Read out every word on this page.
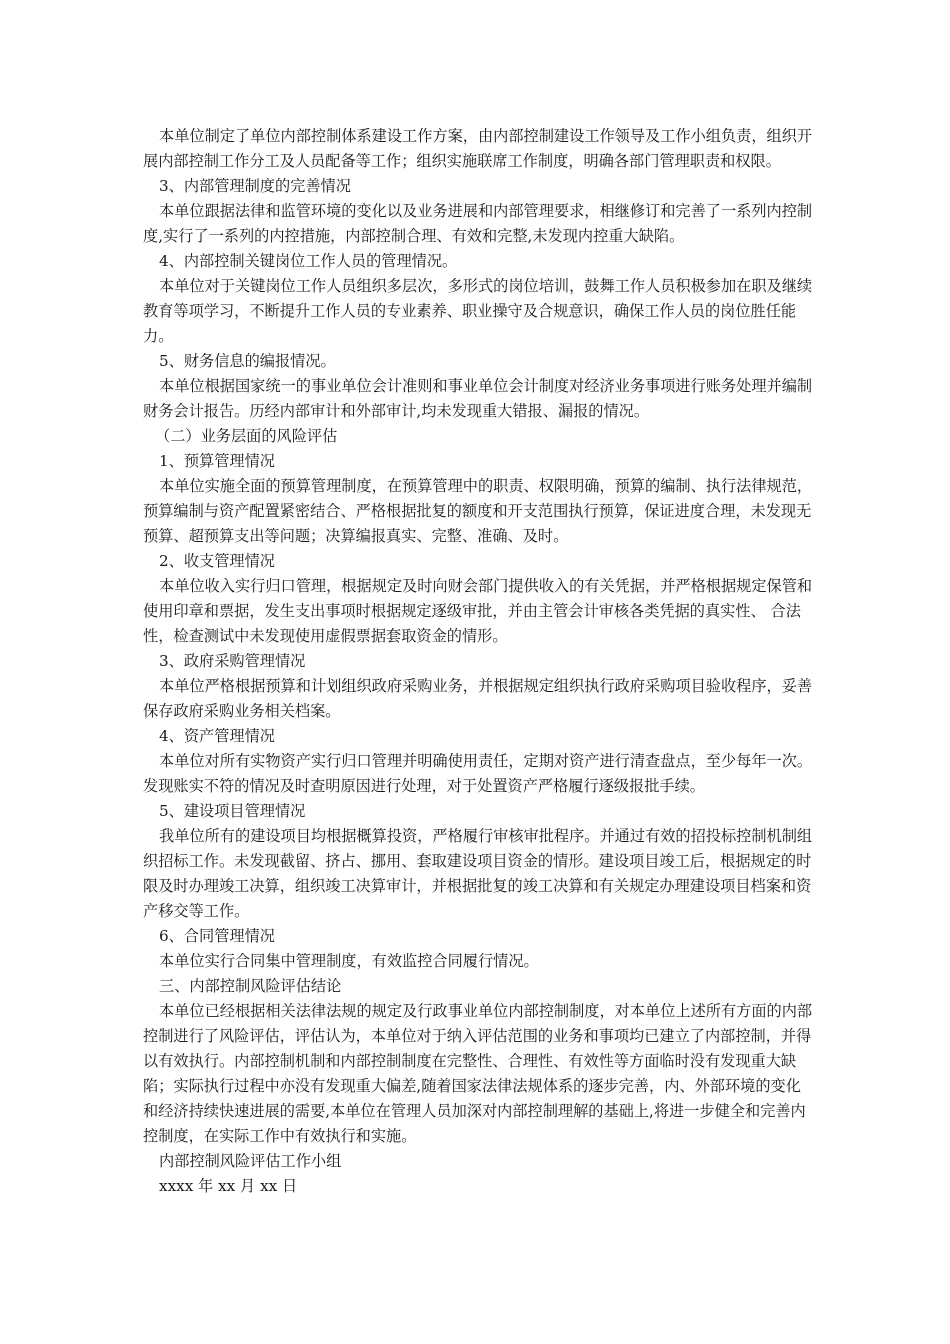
本单位制定了单位内部控制体系建设工作方案，由内部控制建设工作领导及工作小组负责，组织开展内部控制工作分工及人员配备等工作；组织实施联席工作制度，明确各部门管理职责和权限。

3、内部管理制度的完善情况

本单位跟据法律和监管环境的变化以及业务进展和内部管理要求，相继修订和完善了一系列内控制度,实行了一系列的内控措施，内部控制合理、有效和完整,未发现内控重大缺陷。

4、内部控制关键岗位工作人员的管理情况。

本单位对于关键岗位工作人员组织多层次，多形式的岗位培训，鼓舞工作人员积极参加在职及继续教育等项学习，不断提升工作人员的专业素养、职业操守及合规意识，确保工作人员的岗位胜任能力。

5、财务信息的编报情况。

本单位根据国家统一的事业单位会计准则和事业单位会计制度对经济业务事项进行账务处理并编制财务会计报告。历经内部审计和外部审计,均未发现重大错报、漏报的情况。

（二）业务层面的风险评估

1、预算管理情况

本单位实施全面的预算管理制度，在预算管理中的职责、权限明确，预算的编制、执行法律规范，预算编制与资产配置紧密结合、严格根据批复的额度和开支范围执行预算，保证进度合理，未发现无预算、超预算支出等问题；决算编报真实、完整、准确、及时。

2、收支管理情况

本单位收入实行归口管理，根据规定及时向财会部门提供收入的有关凭据，并严格根据规定保管和使用印章和票据，发生支出事项时根据规定逐级审批，并由主管会计审核各类凭据的真实性、 合法性，检查测试中未发现使用虚假票据套取资金的情形。

3、政府采购管理情况

本单位严格根据预算和计划组织政府采购业务，并根据规定组织执行政府采购项目验收程序，妥善保存政府采购业务相关档案。

4、资产管理情况

本单位对所有实物资产实行归口管理并明确使用责任，定期对资产进行清查盘点，至少每年一次。发现账实不符的情况及时查明原因进行处理，对于处置资产严格履行逐级报批手续。

5、建设项目管理情况

我单位所有的建设项目均根据概算投资，严格履行审核审批程序。并通过有效的招投标控制机制组织招标工作。未发现截留、挤占、挪用、套取建设项目资金的情形。建设项目竣工后，根据规定的时限及时办理竣工决算，组织竣工决算审计，并根据批复的竣工决算和有关规定办理建设项目档案和资产移交等工作。

6、合同管理情况

本单位实行合同集中管理制度，有效监控合同履行情况。

三、内部控制风险评估结论

本单位已经根据相关法律法规的规定及行政事业单位内部控制制度，对本单位上述所有方面的内部控制进行了风险评估，评估认为，本单位对于纳入评估范围的业务和事项均已建立了内部控制，并得以有效执行。内部控制机制和内部控制制度在完整性、合理性、有效性等方面临时没有发现重大缺陷；实际执行过程中亦没有发现重大偏差,随着国家法律法规体系的逐步完善，内、外部环境的变化和经济持续快速进展的需要,本单位在管理人员加深对内部控制理解的基础上,将进一步健全和完善内控制度，在实际工作中有效执行和实施。

内部控制风险评估工作小组

xxxx 年 xx 月 xx 日
